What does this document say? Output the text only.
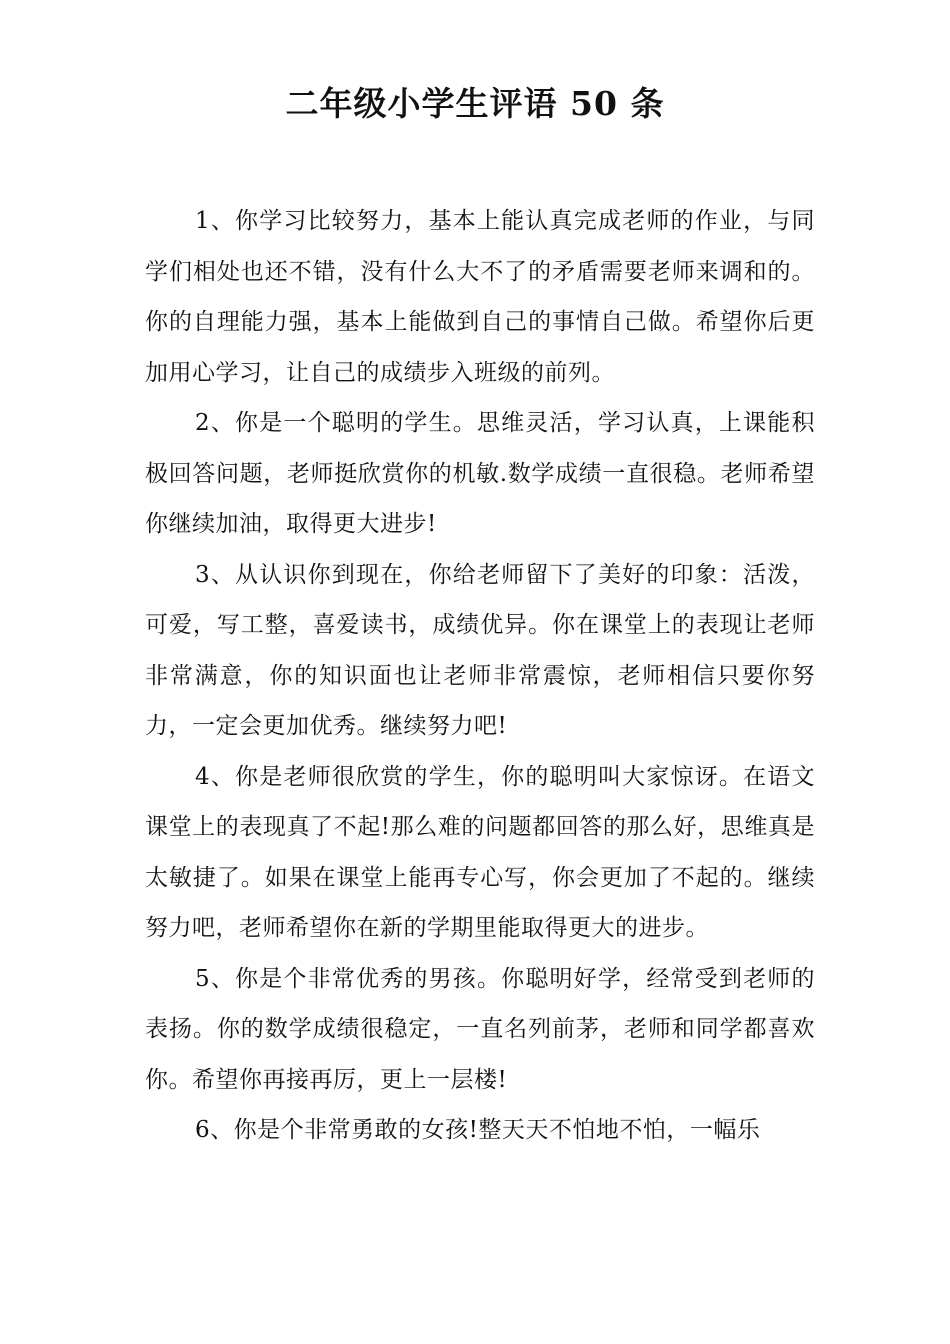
二年级小学生评语 50 条

1、你学习比较努力，基本上能认真完成老师的作业，与同学们相处也还不错，没有什么大不了的矛盾需要老师来调和的。你的自理能力强，基本上能做到自己的事情自己做。希望你后更加用心学习，让自己的成绩步入班级的前列。

2、你是一个聪明的学生。思维灵活，学习认真，上课能积极回答问题，老师挺欣赏你的机敏.数学成绩一直很稳。老师希望你继续加油，取得更大进步!

3、从认识你到现在，你给老师留下了美好的印象：活泼，可爱，写工整，喜爱读书，成绩优异。你在课堂上的表现让老师非常满意，你的知识面也让老师非常震惊，老师相信只要你努力，一定会更加优秀。继续努力吧!

4、你是老师很欣赏的学生，你的聪明叫大家惊讶。在语文课堂上的表现真了不起!那么难的问题都回答的那么好，思维真是太敏捷了。如果在课堂上能再专心写，你会更加了不起的。继续努力吧，老师希望你在新的学期里能取得更大的进步。

5、你是个非常优秀的男孩。你聪明好学，经常受到老师的表扬。你的数学成绩很稳定，一直名列前茅，老师和同学都喜欢你。希望你再接再厉，更上一层楼!

6、你是个非常勇敢的女孩!整天天不怕地不怕，一幅乐
